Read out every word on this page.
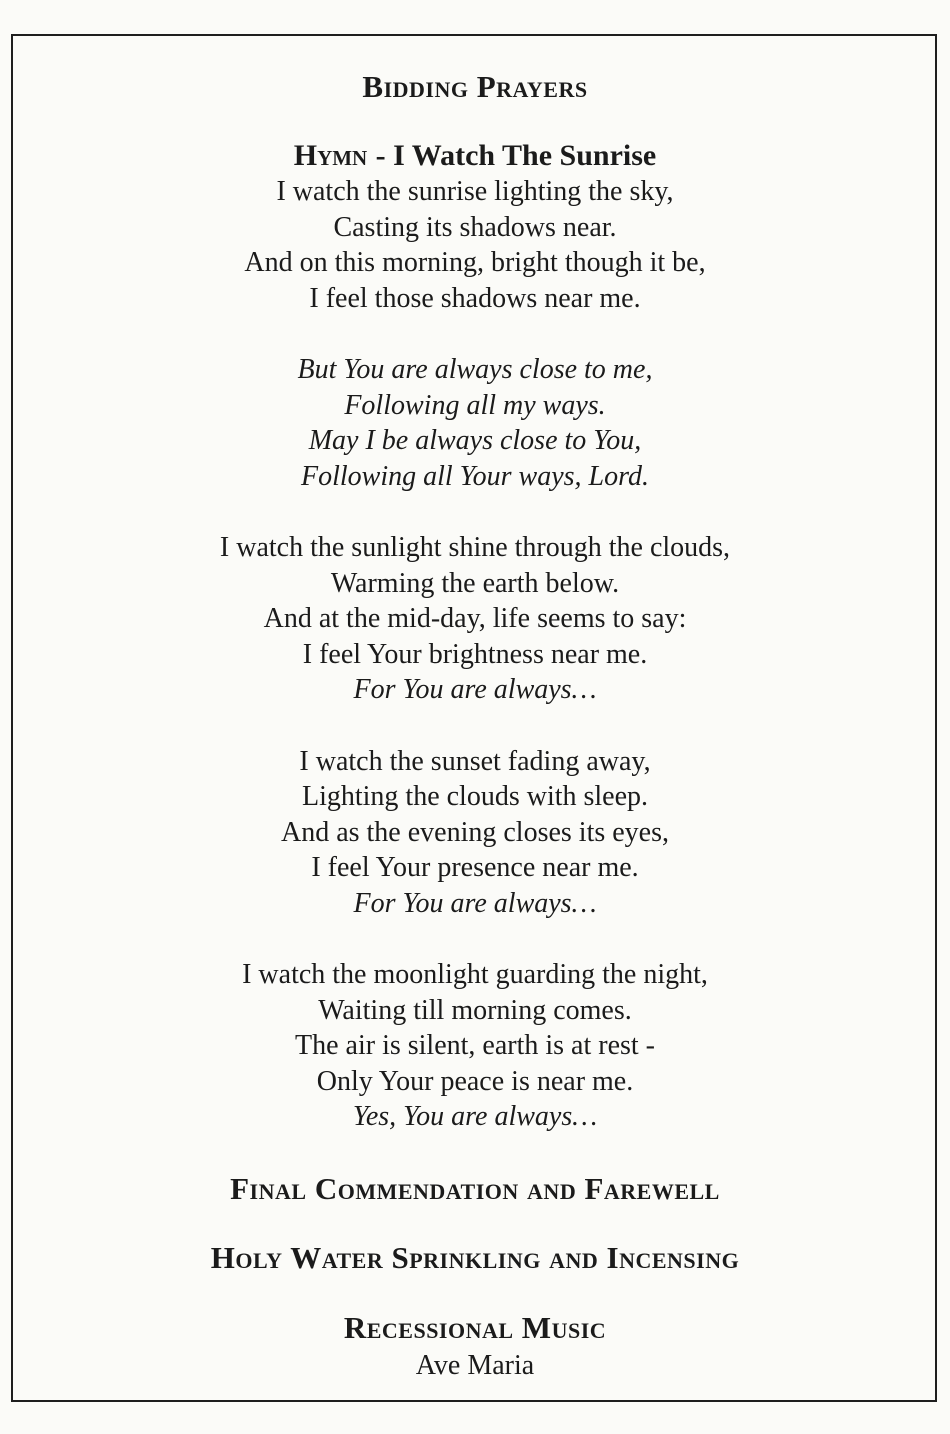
Bidding Prayers
Hymn - I Watch The Sunrise

I watch the sunrise lighting the sky,
Casting its shadows near.
And on this morning, bright though it be,
I feel those shadows near me.

But You are always close to me,
Following all my ways.
May I be always close to You,
Following all Your ways, Lord.

I watch the sunlight shine through the clouds,
Warming the earth below.
And at the mid-day, life seems to say:
I feel Your brightness near me.
For You are always…

I watch the sunset fading away,
Lighting the clouds with sleep.
And as the evening closes its eyes,
I feel Your presence near me.
For You are always…

I watch the moonlight guarding the night,
Waiting till morning comes.
The air is silent, earth is at rest -
Only Your peace is near me.
Yes, You are always…

Final Commendation and Farewell
Holy Water Sprinkling and Incensing
Recessional Music

Ave Maria
